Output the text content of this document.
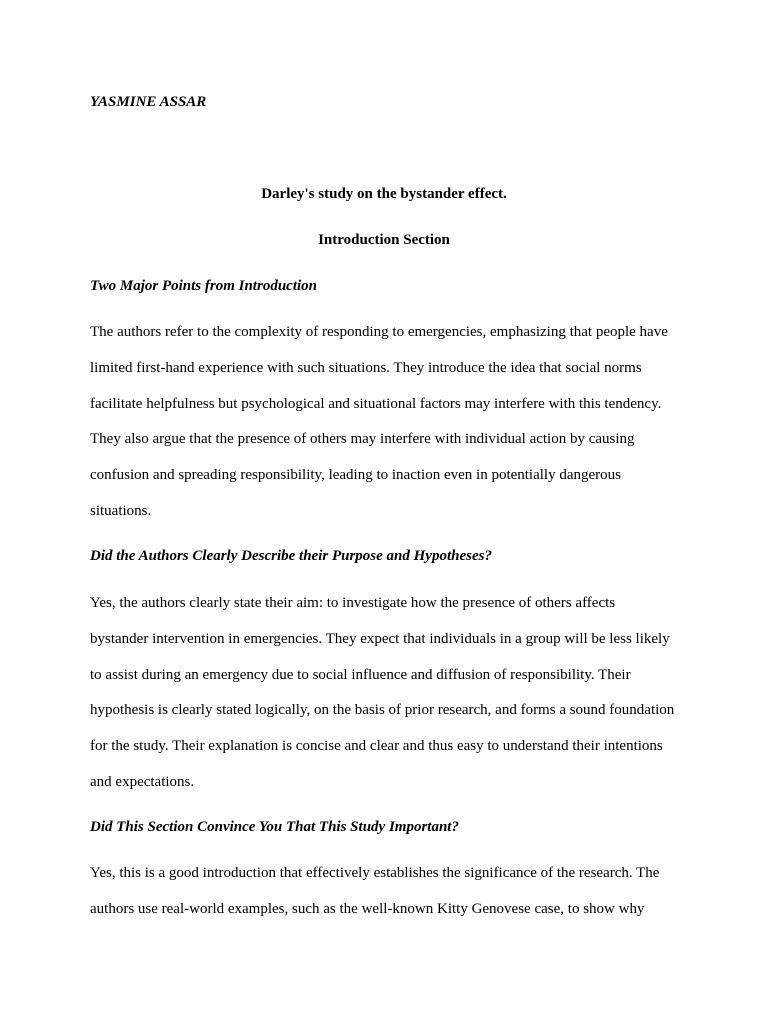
YASMINE ASSAR
Darley's study on the bystander effect.
Introduction Section
Two Major Points from Introduction
The authors refer to the complexity of responding to emergencies, emphasizing that people have
limited first-hand experience with such situations. They introduce the idea that social norms
facilitate helpfulness but psychological and situational factors may interfere with this tendency.
They also argue that the presence of others may interfere with individual action by causing
confusion and spreading responsibility, leading to inaction even in potentially dangerous
situations.
Did the Authors Clearly Describe their Purpose and Hypotheses?
Yes, the authors clearly state their aim: to investigate how the presence of others affects
bystander intervention in emergencies. They expect that individuals in a group will be less likely
to assist during an emergency due to social influence and diffusion of responsibility. Their
hypothesis is clearly stated logically, on the basis of prior research, and forms a sound foundation
for the study. Their explanation is concise and clear and thus easy to understand their intentions
and expectations.
Did This Section Convince You That This Study Important?
Yes, this is a good introduction that effectively establishes the significance of the research. The
authors use real-world examples, such as the well-known Kitty Genovese case, to show why
